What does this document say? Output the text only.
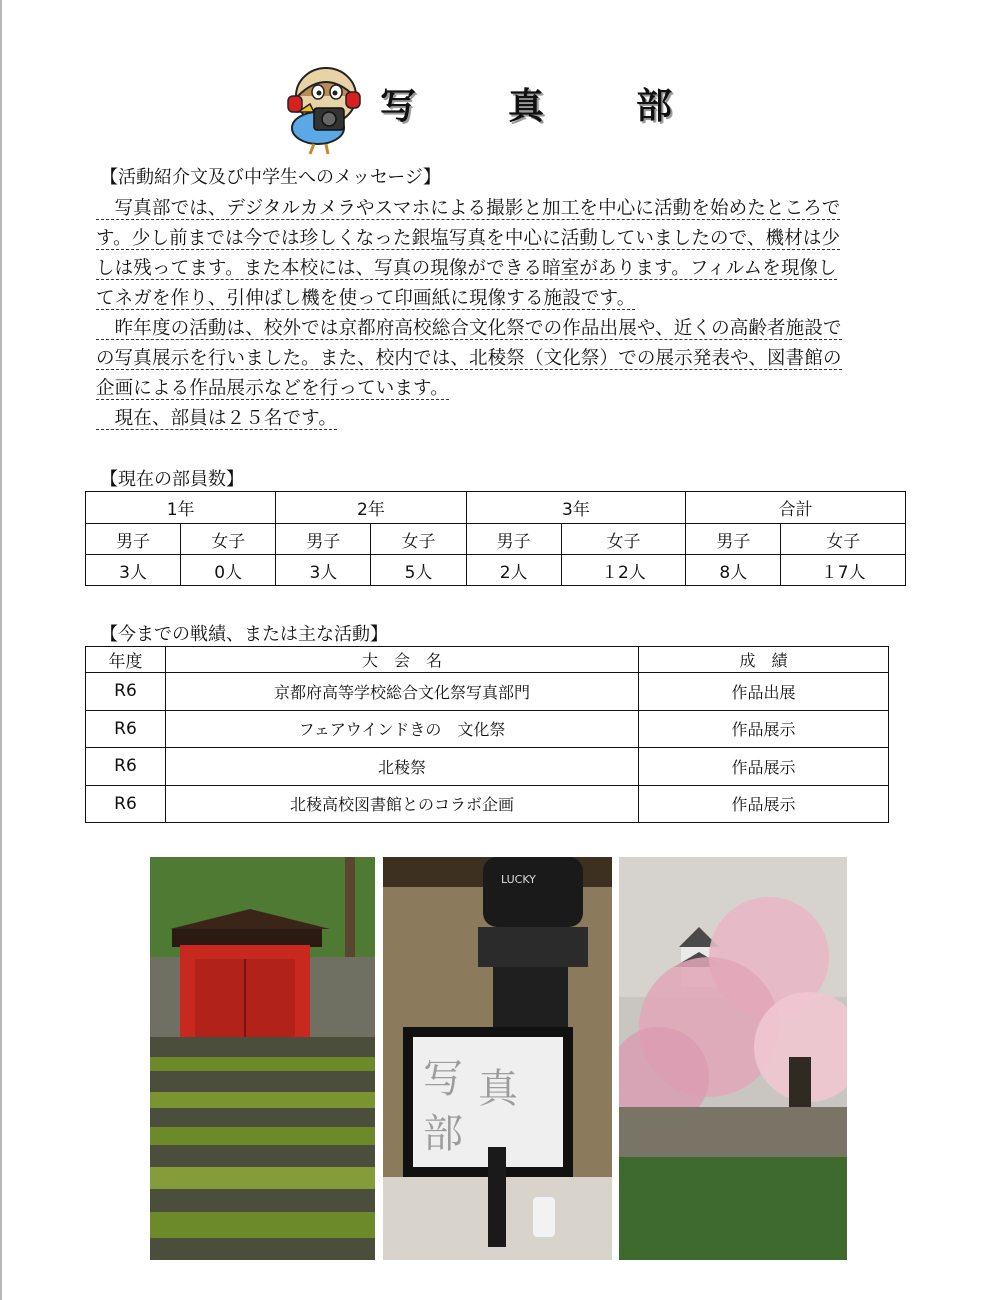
写	真	部
【活動紹介文及び中学生へのメッセージ】

　写真部では、デジタルカメラやスマホによる撮影と加工を中心に活動を始めたところで

す。少し前までは今では珍しくなった銀塩写真を中心に活動していましたので、機材は少

しは残ってます。また本校には、写真の現像ができる暗室があります。フィルムを現像し

てネガを作り、引伸ばし機を使って印画紙に現像する施設です。

　昨年度の活動は、校外では京都府高校総合文化祭での作品出展や、近くの高齢者施設で

の写真展示を行いました。また、校内では、北稜祭（文化祭）での展示発表や、図書館の

企画による作品展示などを行っています。

　現在、部員は２５名です。

【現在の部員数】
1年		2年		3年		合計	
男子	女子	男子	女子	男子	女子	男子	女子
3人	0人	3人	5人	2人	１2人	8人	１7人
【今までの戦績、または主な活動】
年度	大　会　名	成　績
R6	京都府高等学校総合文化祭写真部門	作品出展
R6	フェアウインドきの　文化祭	作品展示
R6	北稜祭	作品展示
R6	北稜高校図書館とのコラボ企画	作品展示
LUCKY
写 真
部
